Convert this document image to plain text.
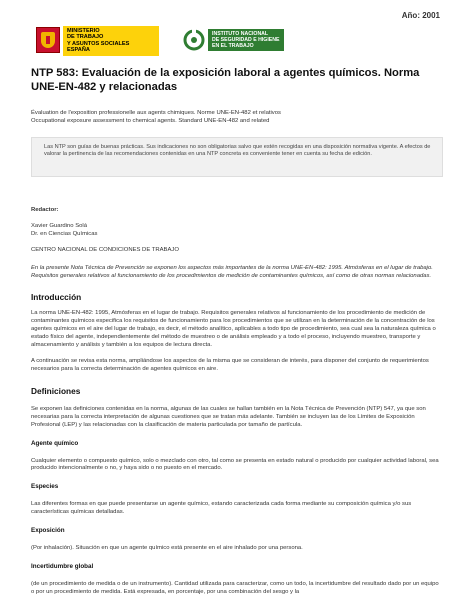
Año: 2001
MINISTERIO
DE TRABAJO
Y ASUNTOS SOCIALES
ESPAÑA
INSTITUTO NACIONAL
DE SEGURIDAD E HIGIENE
EN EL TRABAJO
NTP 583: Evaluación de la exposición laboral a agentes químicos. Norma UNE-EN-482 y relacionadas
Évaluation de l'exposition professionelle aux agents chimiques. Norme UNE-EN-482 et relativos
Occupational exposure assessment to chemical agents. Standard UNE-EN-482 and related
Las NTP son guías de buenas prácticas. Sus indicaciones no son obligatorias salvo que estén recogidas en una disposición normativa vigente. A efectos de valorar la pertinencia de las recomendaciones contenidas en una NTP concreta es conveniente tener en cuenta su fecha de edición.

Redactor:

Xavier Guardino Solá

Dr. en Ciencias Químicas

CENTRO NACIONAL DE CONDICIONES DE TRABAJO

En la presente Nota Técnica de Prevención se exponen los aspectos más importantes de la norma UNE-EN-482: 1995. Atmósferas en el lugar de trabajo. Requisitos generales relativos al funcionamiento de los procedimientos de medición de contaminantes químicos, así como de otras normas relacionadas.

Introducción

La norma UNE-EN-482: 1995, Atmósferas en el lugar de trabajo. Requisitos generales relativos al funcionamiento de los procedimiento de medición de contaminantes químicos especifica los requisitos de funcionamiento para los procedimientos que se utilizan en la determinación de la concentración de los agentes químicos en el aire del lugar de trabajo, es decir, el método analítico, aplicables a todo tipo de procedimiento, sea cual sea la naturaleza química o estado físico del agente, independientemente del método de muestreo o de análisis empleado y a todo el proceso, incluyendo muestreo, transporte y almacenamiento y análisis y también a los equipos de lectura directa.

A continuación se revisa esta norma, ampliándose los aspectos de la misma que se consideran de interés, para disponer del conjunto de requerimientos necesarios para la correcta determinación de agentes químicos en aire.

Definiciones

Se exponen las definiciones contenidas en la norma, algunas de las cuales se hallan también en la Nota Técnica de Prevención (NTP) 547, ya que son necesarias para la correcta interpretación de algunas cuestiones que se tratan más adelante. También se incluyen las de los Límites de Exposición Profesional (LEP) y las relacionadas con la clasificación de materia particulada por tamaño de partícula.

Agente químico

Cualquier elemento o compuesto químico, solo o mezclado con otro, tal como se presenta en estado natural o producido por cualquier actividad laboral, sea producido intencionalmente o no, y haya sido o no puesto en el mercado.

Especies

Las diferentes formas en que puede presentarse un agente químico, estando caracterizada cada forma mediante su composición química y/o sus características químicas detalladas.

Exposición

(Por inhalación). Situación en que un agente químico está presente en el aire inhalado por una persona.

Incertidumbre global

(de un procedimiento de medida o de un instrumento). Cantidad utilizada para caracterizar, como un todo, la incertidumbre del resultado dado por un equipo o por un procedimiento de medida. Está expresada, en porcentaje, por una combinación del sesgo y la
